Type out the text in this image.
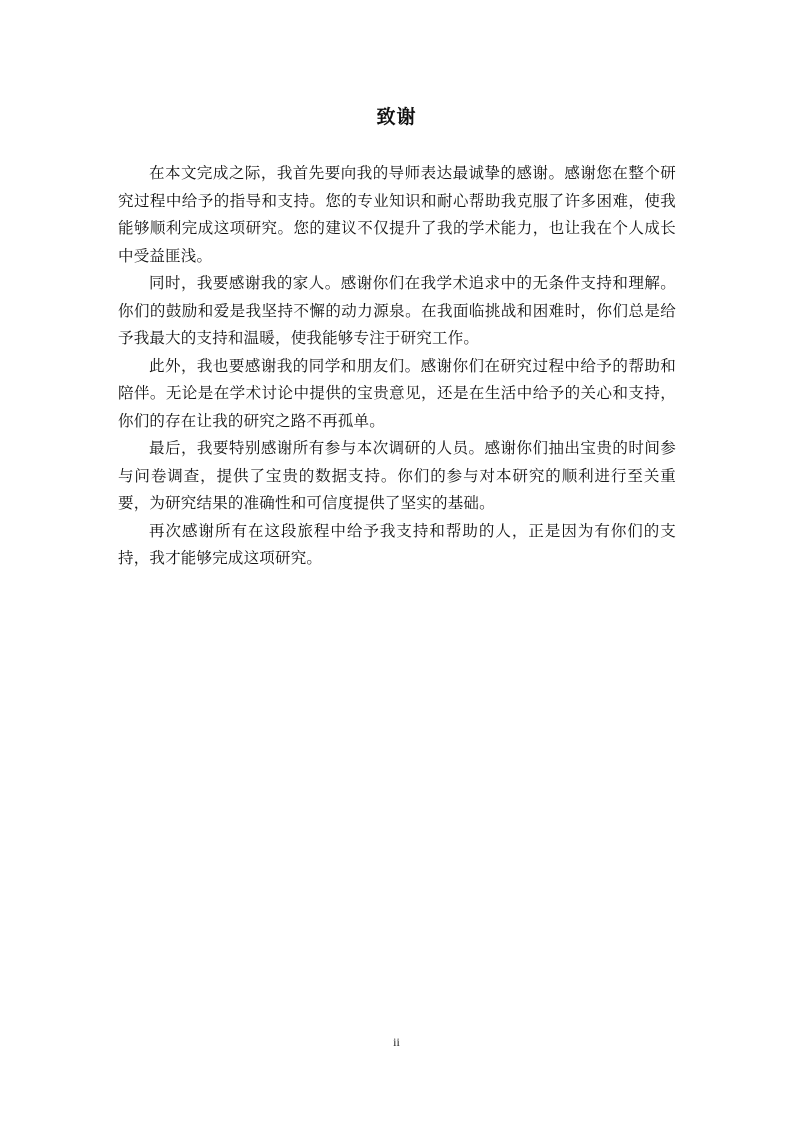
致谢

在本文完成之际，我首先要向我的导师表达最诚挚的感谢。感谢您在整个研究过程中给予的指导和支持。您的专业知识和耐心帮助我克服了许多困难，使我能够顺利完成这项研究。您的建议不仅提升了我的学术能力，也让我在个人成长中受益匪浅。

同时，我要感谢我的家人。感谢你们在我学术追求中的无条件支持和理解。你们的鼓励和爱是我坚持不懈的动力源泉。在我面临挑战和困难时，你们总是给予我最大的支持和温暖，使我能够专注于研究工作。

此外，我也要感谢我的同学和朋友们。感谢你们在研究过程中给予的帮助和陪伴。无论是在学术讨论中提供的宝贵意见，还是在生活中给予的关心和支持，你们的存在让我的研究之路不再孤单。

最后，我要特别感谢所有参与本次调研的人员。感谢你们抽出宝贵的时间参与问卷调查，提供了宝贵的数据支持。你们的参与对本研究的顺利进行至关重要，为研究结果的准确性和可信度提供了坚实的基础。

再次感谢所有在这段旅程中给予我支持和帮助的人，正是因为有你们的支持，我才能够完成这项研究。

ii
